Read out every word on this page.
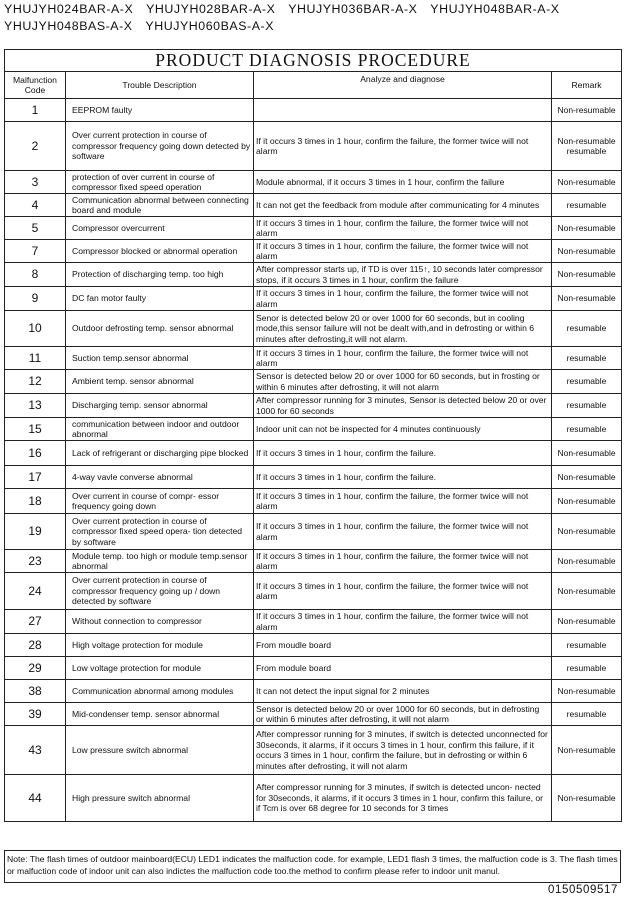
YHUJYH024BAR-A-X YHUJYH028BAR-A-X YHUJYH036BAR-A-X YHUJYH048BAR-A-X
YHUJYH048BAS-A-X YHUJYH060BAS-A-X
PRODUCT DIAGNOSIS PROCEDURE			
Malfunction Code	Trouble Description	Analyze and diagnose	Remark
1	EEPROM faulty		Non-resumable
2	Over current protection in course of compressor frequency going down detected by software	If it occurs 3 times in 1 hour, confirm the failure, the former twice will not alarm	Non-resumable resumable
3	protection of over current in course of compressor fixed speed operation	Module abnormal, if it occurs 3 times in 1 hour, confirm the failure	Non-resumable
4	Communication abnormal between connecting board and module	It can not get the feedback from module after communicating for 4 minutes	resumable
5	Compressor overcurrent	If it occurs 3 times in 1 hour, confirm the failure, the former twice will not alarm	Non-resumable
7	Compressor blocked or abnormal operation	If it occurs 3 times in 1 hour, confirm the failure, the former twice will not alarm	Non-resumable
8	Protection of discharging temp. too high	After compressor starts up, if TD is over 115↑, 10 seconds later compressor stops, if it occurs 3 times in 1 hour, confirm the failure	Non-resumable
9	DC fan motor faulty	If it occurs 3 times in 1 hour, confirm the failure, the former twice will not alarm	Non-resumable
10	Outdoor defrosting temp. sensor abnormal	Senor is detected below 20 or over 1000 for 60 seconds, but in cooling mode,this sensor failure will not be dealt with,and in defrosting or within 6 minutes after defrosting,it will not alarm.	resumable
11	Suction temp.sensor abnormal	If it occurs 3 times in 1 hour, confirm the failure, the former twice will not alarm	resumable
12	Ambient temp. sensor abnormal	Sensor is detected below 20 or over 1000 for 60 seconds, but in frosting or within 6 minutes after defrosting, it will not alarm	resumable
13	Discharging temp. sensor abnormal	After compressor running for 3 minutes, Sensor is detected below 20 or over 1000 for 60 seconds	resumable
15	communication between indoor and outdoor abnormal	Indoor unit can not be inspected for 4 minutes continuously	resumable
16	Lack of refrigerant or discharging pipe blocked	If it occurs 3 times in 1 hour, confirm the failure.	Non-resumable
17	4-way vavle converse abnormal	If it occurs 3 times in 1 hour, confirm the failure.	Non-resumable
18	Over current in course of compr- essor frequency going down	If it occurs 3 times in 1 hour, confirm the failure, the former twice will not alarm	Non-resumable
19	Over current protection in course of compressor fixed speed opera- tion detected by software	If it occurs 3 times in 1 hour, confirm the failure, the former twice will not alarm	Non-resumable
23	Module temp. too high or module temp.sensor abnormal	If it occurs 3 times in 1 hour, confirm the failure, the former twice will not alarm	Non-resumable
24	Over current protection in course of compressor frequency going up / down detected by software	If it occurs 3 times in 1 hour, confirm the failure, the former twice will not alarm	Non-resumable
27	Without connection to compressor	If it occurs 3 times in 1 hour, confirm the failure, the former twice will not alarm	Non-resumable
28	High voltage protection for module	From moudle board	resumable
29	Low voltage protection for module	From module board	resumable
38	Communication abnormal among modules	It can not detect the input signal for 2 minutes	Non-resumable
39	Mid-condenser temp. sensor abnormal	Sensor is detected below 20 or over 1000 for 60 seconds, but in defrosting or within 6 minutes after defrosting, it will not alarm	resumable
43	Low pressure switch abnormal	After compressor running for 3 minutes, if switch is detected unconnected for 30seconds, it alarms, if it occurs 3 times in 1 hour, confirm this failure, if it occurs 3 times in 1 hour, confirm the failure, but in defrosting or within 6 minutes after defrosting, it will not alarm	Non-resumable
44	High pressure switch abnormal	After compressor running for 3 minutes, if switch is detected uncon- nected for 30seconds, it alarms, if it occurs 3 times in 1 hour, confirm this failure, or if Tcm is over 68 degree for 10 seconds for 3 times	Non-resumable
Note: The flash times of outdoor mainboard(ECU) LED1 indicates the malfuction code. for example, LED1 flash 3 times, the malfuction code is 3. The flash times or malfuction code of indoor unit can also indictes the malfuction code too.the method to confirm please refer to indoor unit manul.
0150509517
